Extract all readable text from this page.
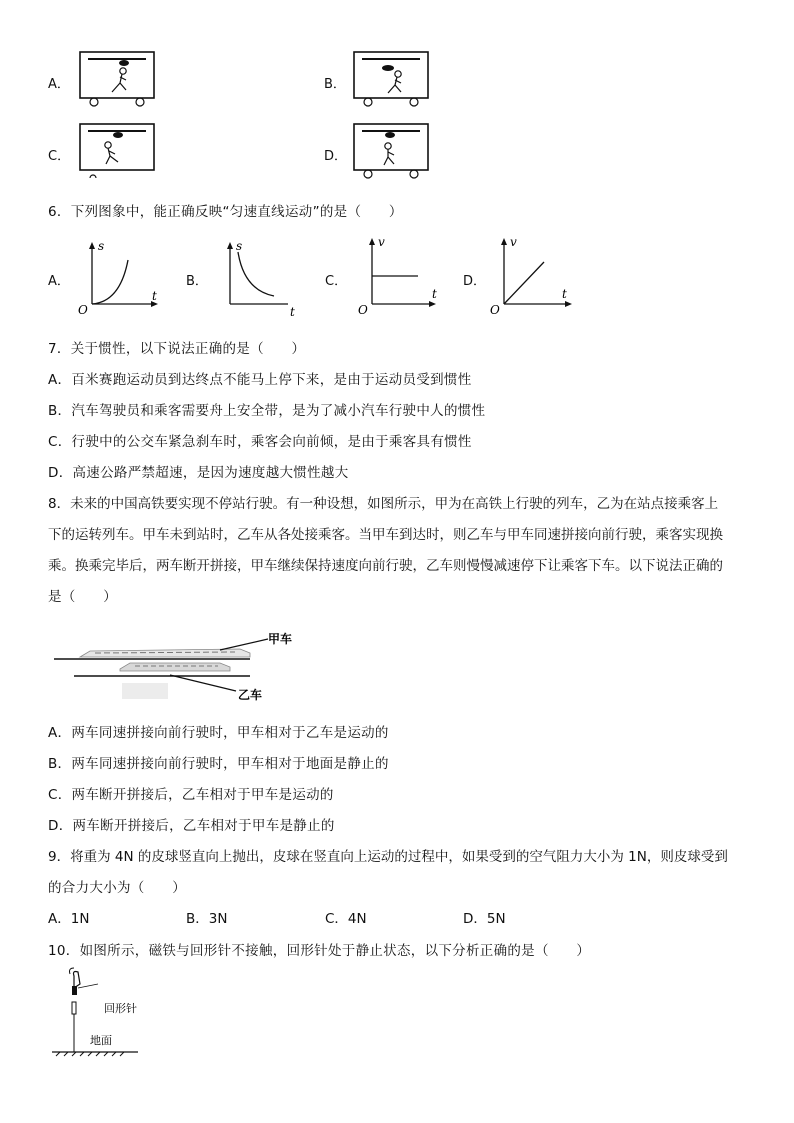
A．	B．
C．	D．
6．下列图象中，能正确反映“匀速直线运动”的是（　　）
A．
s
t
O
B．
s
t
C．
v
t
O
D．
v
t
O
7．关于惯性，以下说法正确的是（　　）
A．百米赛跑运动员到达终点不能马上停下来，是由于运动员受到惯性
B．汽车驾驶员和乘客需要舟上安全带，是为了减小汽车行驶中人的惯性
C．行驶中的公交车紧急刹车时，乘客会向前倾，是由于乘客具有惯性
D．高速公路严禁超速，是因为速度越大惯性越大
8．未来的中国高铁要实现不停站行驶。有一种设想，如图所示，甲为在高铁上行驶的列车，乙为在站点接乘客上
下的运转列车。甲车未到站时，乙车从各处接乘客。当甲车到达时，则乙车与甲车同速拼接向前行驶，乘客实现换
乘。换乘完毕后，两车断开拼接，甲车继续保持速度向前行驶，乙车则慢慢减速停下让乘客下车。以下说法正确的
是（　　）
甲车
乙车
A．两车同速拼接向前行驶时，甲车相对于乙车是运动的
B．两车同速拼接向前行驶时，甲车相对于地面是静止的
C．两车断开拼接后，乙车相对于甲车是运动的
D．两车断开拼接后，乙车相对于甲车是静止的
9．将重为 4N 的皮球竖直向上抛出，皮球在竖直向上运动的过程中，如果受到的空气阻力大小为 1N，则皮球受到
的合力大小为（　　）
A．1N	B．3N	C．4N	D．5N
10．如图所示，磁铁与回形针不接触，回形针处于静止状态，以下分析正确的是（　　）
回形针
地面
